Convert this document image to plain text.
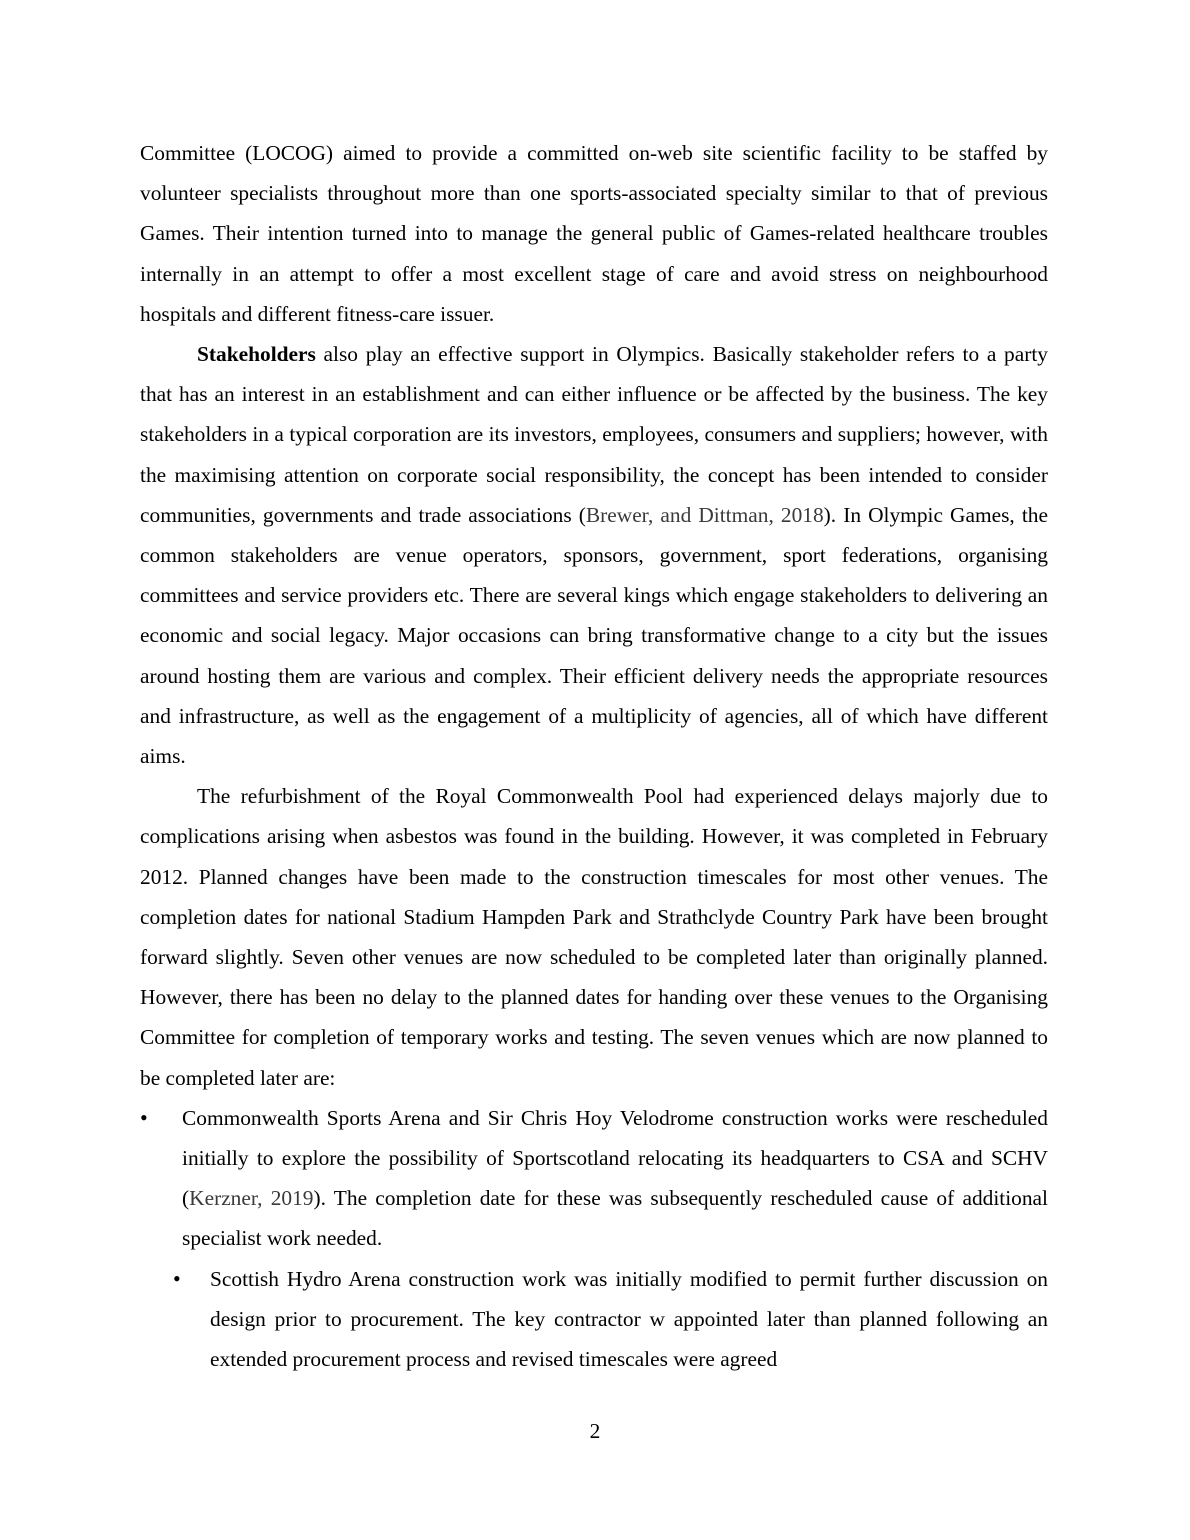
Committee (LOCOG) aimed to provide a committed on-web site scientific facility to be staffed by volunteer specialists throughout more than one sports-associated specialty similar to that of previous Games. Their intention turned into to manage the general public of Games-related healthcare troubles internally in an attempt to offer a most excellent stage of care and avoid stress on neighbourhood hospitals and different fitness-care issuer.

Stakeholders also play an effective support in Olympics. Basically stakeholder refers to a party that has an interest in an establishment and can either influence or be affected by the business. The key stakeholders in a typical corporation are its investors, employees, consumers and suppliers; however, with the maximising attention on corporate social responsibility, the concept has been intended to consider communities, governments and trade associations (Brewer, and Dittman, 2018). In Olympic Games, the common stakeholders are venue operators, sponsors, government, sport federations, organising committees and service providers etc. There are several kings which engage stakeholders to delivering an economic and social legacy. Major occasions can bring transformative change to a city but the issues around hosting them are various and complex. Their efficient delivery needs the appropriate resources and infrastructure, as well as the engagement of a multiplicity of agencies, all of which have different aims.

The refurbishment of the Royal Commonwealth Pool had experienced delays majorly due to complications arising when asbestos was found in the building. However, it was completed in February 2012. Planned changes have been made to the construction timescales for most other venues. The completion dates for national Stadium Hampden Park and Strathclyde Country Park have been brought forward slightly. Seven other venues are now scheduled to be completed later than originally planned. However, there has been no delay to the planned dates for handing over these venues to the Organising Committee for completion of temporary works and testing. The seven venues which are now planned to be completed later are:

• Commonwealth Sports Arena and Sir Chris Hoy Velodrome construction works were rescheduled initially to explore the possibility of Sportscotland relocating its headquarters to CSA and SCHV (Kerzner, 2019). The completion date for these was subsequently rescheduled cause of additional specialist work needed.
• Scottish Hydro Arena construction work was initially modified to permit further discussion on design prior to procurement. The key contractor w appointed later than planned following an extended procurement process and revised timescales were agreed
2
